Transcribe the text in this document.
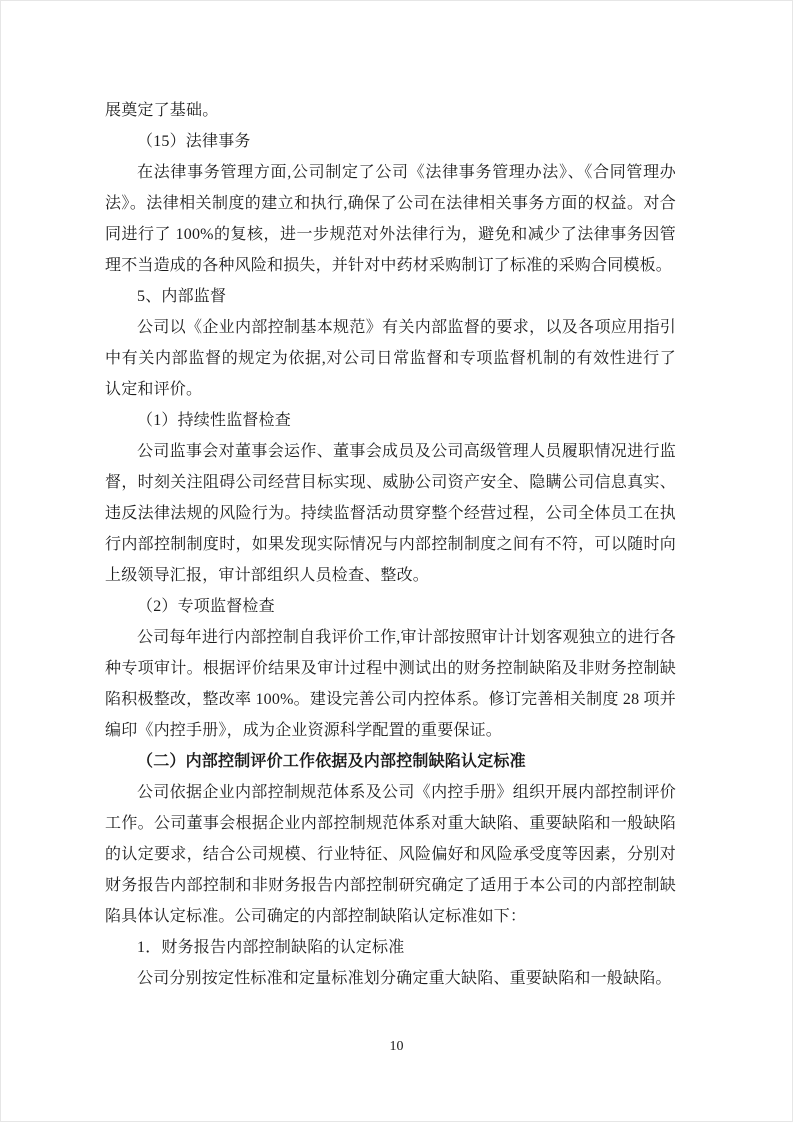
展奠定了基础。

（15）法律事务

在法律事务管理方面,公司制定了公司《法律事务管理办法》、《合同管理办法》。法律相关制度的建立和执行,确保了公司在法律相关事务方面的权益。对合同进行了 100%的复核，进一步规范对外法律行为，避免和减少了法律事务因管理不当造成的各种风险和损失，并针对中药材采购制订了标准的采购合同模板。

5、内部监督

公司以《企业内部控制基本规范》有关内部监督的要求，以及各项应用指引中有关内部监督的规定为依据,对公司日常监督和专项监督机制的有效性进行了认定和评价。

（1）持续性监督检查

公司监事会对董事会运作、董事会成员及公司高级管理人员履职情况进行监督，时刻关注阻碍公司经营目标实现、威胁公司资产安全、隐瞒公司信息真实、违反法律法规的风险行为。持续监督活动贯穿整个经营过程，公司全体员工在执行内部控制制度时，如果发现实际情况与内部控制制度之间有不符，可以随时向上级领导汇报，审计部组织人员检查、整改。

（2）专项监督检查

公司每年进行内部控制自我评价工作,审计部按照审计计划客观独立的进行各种专项审计。根据评价结果及审计过程中测试出的财务控制缺陷及非财务控制缺陷积极整改，整改率 100%。建设完善公司内控体系。修订完善相关制度 28 项并编印《内控手册》，成为企业资源科学配置的重要保证。

（二）内部控制评价工作依据及内部控制缺陷认定标准

公司依据企业内部控制规范体系及公司《内控手册》组织开展内部控制评价工作。公司董事会根据企业内部控制规范体系对重大缺陷、重要缺陷和一般缺陷的认定要求，结合公司规模、行业特征、风险偏好和风险承受度等因素，分别对财务报告内部控制和非财务报告内部控制研究确定了适用于本公司的内部控制缺陷具体认定标准。公司确定的内部控制缺陷认定标准如下：

1．财务报告内部控制缺陷的认定标准

公司分别按定性标准和定量标准划分确定重大缺陷、重要缺陷和一般缺陷。

10
